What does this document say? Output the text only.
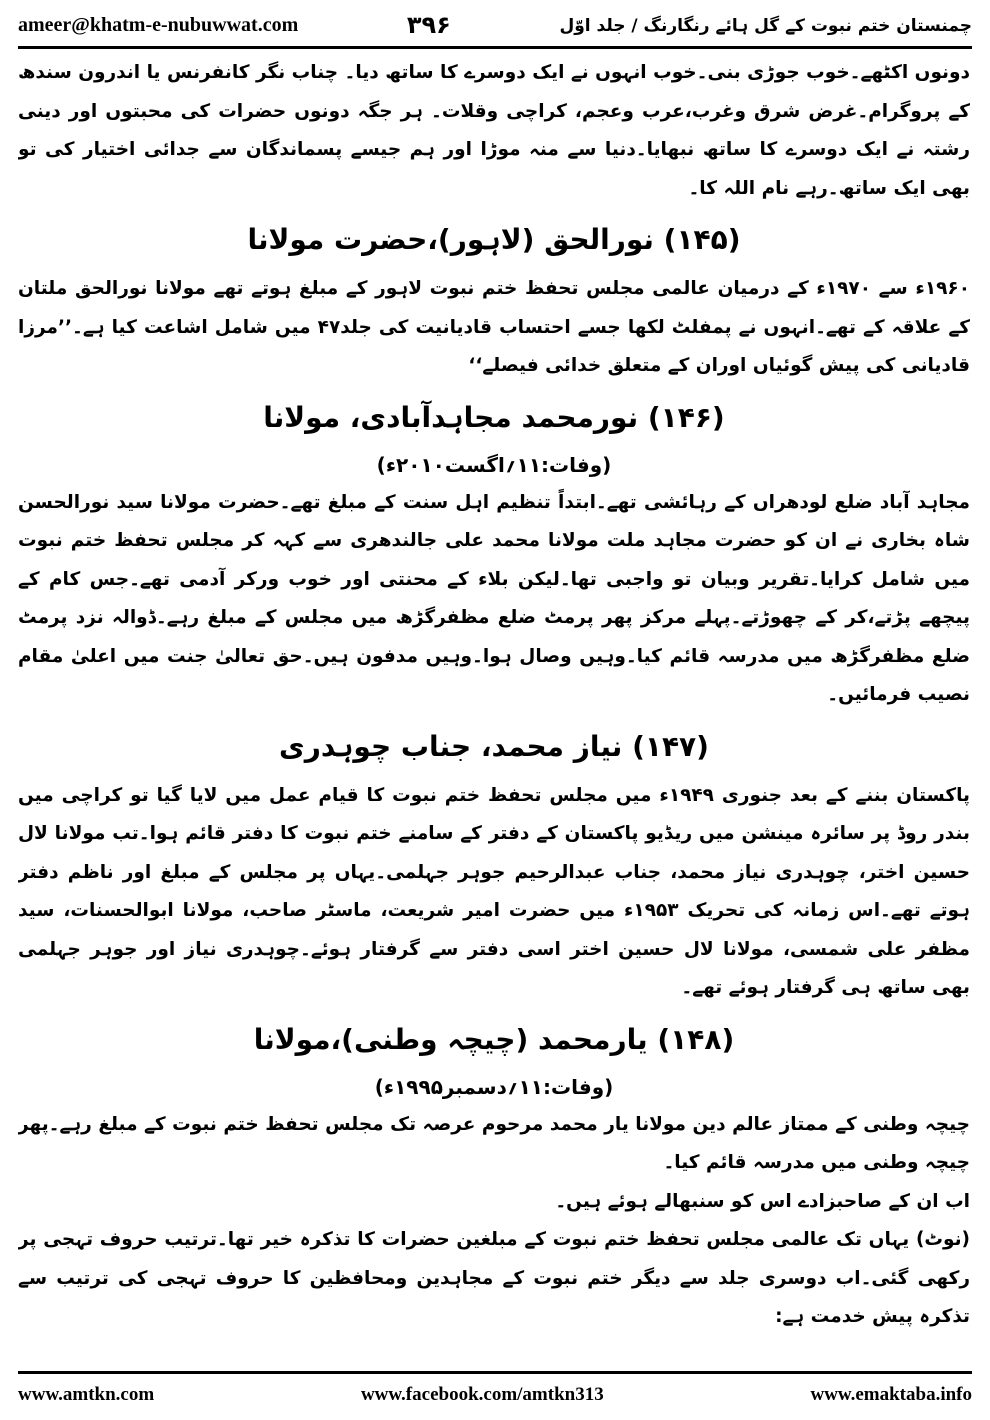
ameer@khatm-e-nubuwwat.com	۳۹۶	چمنستان ختم نبوت کے گل ہائے رنگارنگ / جلد اوّل

دونوں اکٹھے۔خوب جوڑی بنی۔خوب انہوں نے ایک دوسرے کا ساتھ دیا۔ چناب نگر کانفرنس یا اندرون سندھ کے پروگرام۔غرض شرق وغرب،عرب وعجم، کراچی وقلات۔ ہر جگہ دونوں حضرات کی محبتوں اور دینی رشتہ نے ایک دوسرے کا ساتھ نبھایا۔دنیا سے منہ موڑا اور ہم جیسے پسماندگان سے جدائی اختیار کی تو بھی ایک ساتھ۔رہے نام اللہ کا۔

(۱۴۵) نورالحق (لاہور)،حضرت مولانا

۱۹۶۰ء سے ۱۹۷۰ء کے درمیان عالمی مجلس تحفظ ختم نبوت لاہور کے مبلغ ہوتے تھے مولانا نورالحق ملتان کے علاقہ کے تھے۔انہوں نے پمفلٹ لکھا جسے احتساب قادیانیت کی جلد۴۷ میں شامل اشاعت کیا ہے۔’’مرزا قادیانی کی پیش گوئیاں اوران کے متعلق خدائی فیصلے‘‘

(۱۴۶) نورمحمد مجاہدآبادی، مولانا
(وفات:۱۱؍اگست۲۰۱۰ء)

مجاہد آباد ضلع لودھراں کے رہائشی تھے۔ابتداً تنظیم اہل سنت کے مبلغ تھے۔حضرت مولانا سید نورالحسن شاہ بخاری نے ان کو حضرت مجاہد ملت مولانا محمد علی جالندھری سے کہہ کر مجلس تحفظ ختم نبوت میں شامل کرایا۔تقریر وبیان تو واجبی تھا۔لیکن بلاء کے محنتی اور خوب ورکر آدمی تھے۔جس کام کے پیچھے پڑتے،کر کے چھوڑتے۔پہلے مرکز پھر پرمٹ ضلع مظفرگڑھ میں مجلس کے مبلغ رہے۔ڈوالہ نزد پرمٹ ضلع مظفرگڑھ میں مدرسہ قائم کیا۔وہیں وصال ہوا۔وہیں مدفون ہیں۔حق تعالیٰ جنت میں اعلیٰ مقام نصیب فرمائیں۔

(۱۴۷) نیاز محمد، جناب چوہدری

پاکستان بننے کے بعد جنوری ۱۹۴۹ء میں مجلس تحفظ ختم نبوت کا قیام عمل میں لایا گیا تو کراچی میں بندر روڈ پر سائرہ مینشن میں ریڈیو پاکستان کے دفتر کے سامنے ختم نبوت کا دفتر قائم ہوا۔تب مولانا لال حسین اختر، چوہدری نیاز محمد، جناب عبدالرحیم جوہر جہلمی۔یہاں پر مجلس کے مبلغ اور ناظم دفتر ہوتے تھے۔اس زمانہ کی تحریک ۱۹۵۳ء میں حضرت امیر شریعت، ماسٹر صاحب، مولانا ابوالحسنات، سید مظفر علی شمسی، مولانا لال حسین اختر اسی دفتر سے گرفتار ہوئے۔چوہدری نیاز اور جوہر جہلمی بھی ساتھ ہی گرفتار ہوئے تھے۔

(۱۴۸) یارمحمد (چیچہ وطنی)،مولانا
(وفات:۱۱؍دسمبر۱۹۹۵ء)

چیچہ وطنی کے ممتاز عالم دین مولانا یار محمد مرحوم عرصہ تک مجلس تحفظ ختم نبوت کے مبلغ رہے۔پھر چیچہ وطنی میں مدرسہ قائم کیا۔

اب ان کے صاحبزادے اس کو سنبھالے ہوئے ہیں۔

(نوٹ) یہاں تک عالمی مجلس تحفظ ختم نبوت کے مبلغین حضرات کا تذکرہ خیر تھا۔ترتیب حروف تہجی پر رکھی گئی۔اب دوسری جلد سے دیگر ختم نبوت کے مجاہدین ومحافظین کا حروف تہجی کی ترتیب سے تذکرہ پیش خدمت ہے:

www.amtkn.com	www.facebook.com/amtkn313	www.emaktaba.info
